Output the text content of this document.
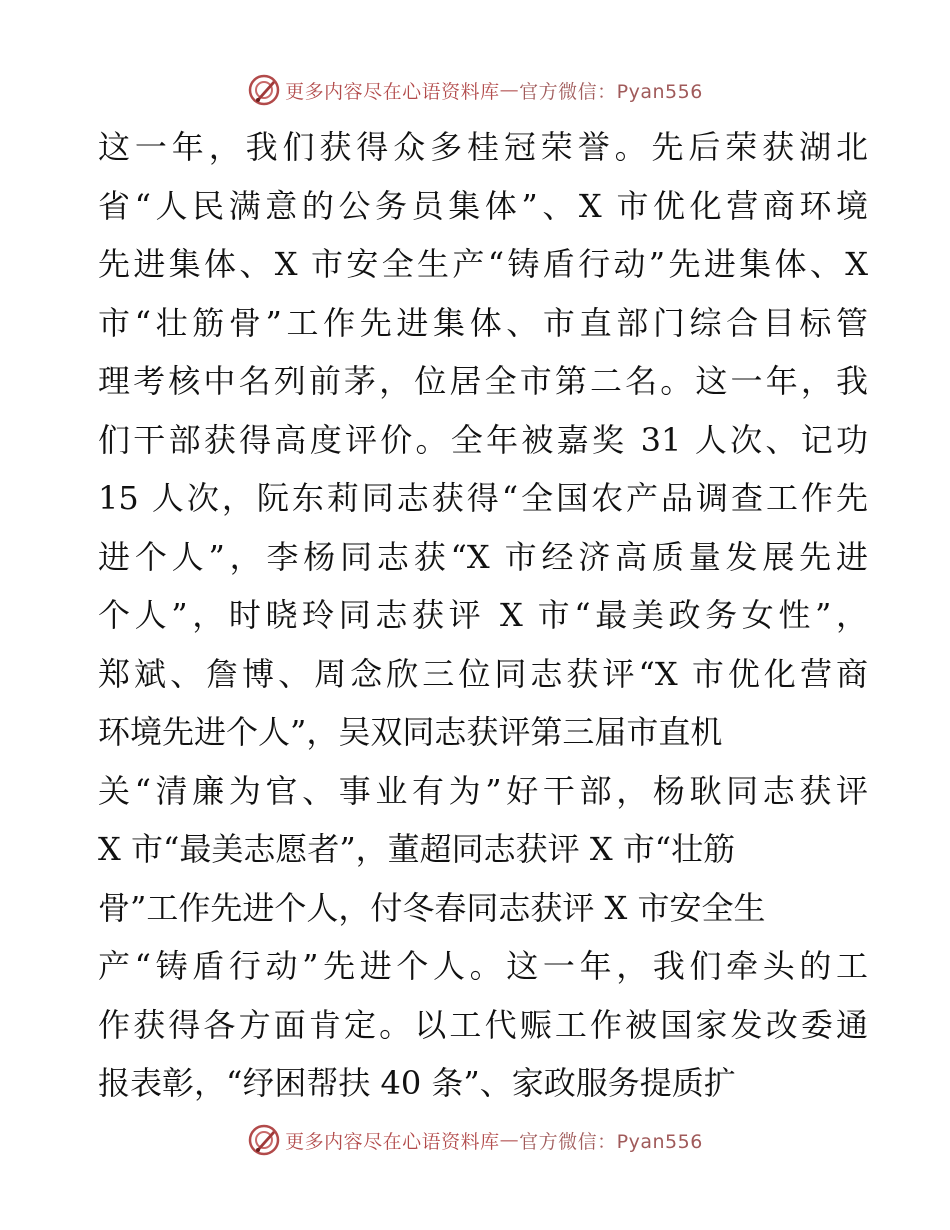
更多内容尽在心语资料库 — 官方微信：Pyan556
这一年，我们获得众多桂冠荣誉。先后荣获湖北
省“人民满意的公务员集体”、X 市优化营商环境
先进集体、X 市安全生产“铸盾行动”先进集体、X
市“壮筋骨”工作先进集体、市直部门综合目标管
理考核中名列前茅，位居全市第二名。这一年，我
们干部获得高度评价。全年被嘉奖 31 人次、记功
15 人次，阮东莉同志获得“全国农产品调查工作先
进个人”，李杨同志获“X 市经济高质量发展先进
个人”，时晓玲同志获评 X 市“最美政务女性”，
郑斌、詹博、周念欣三位同志获评“X 市优化营商
环境先进个人”，吴双同志获评第三届市直机
关“清廉为官、事业有为”好干部，杨耿同志获评
X 市“最美志愿者”，董超同志获评 X 市“壮筋
骨”工作先进个人，付冬春同志获评 X 市安全生
产“铸盾行动”先进个人。这一年，我们牵头的工
作获得各方面肯定。以工代赈工作被国家发改委通
报表彰，“纾困帮扶 40 条”、家政服务提质扩
更多内容尽在心语资料库 — 官方微信：Pyan556
